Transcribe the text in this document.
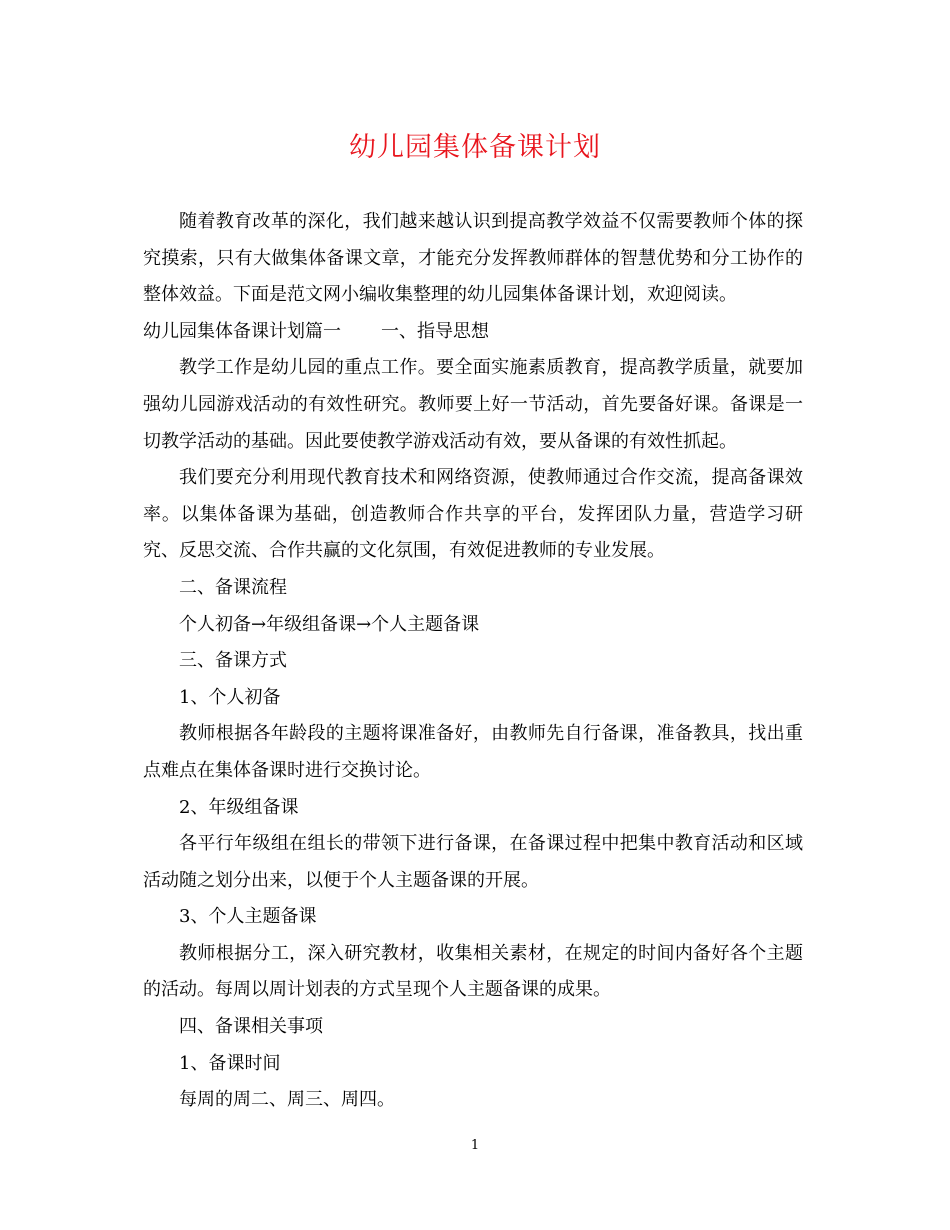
幼儿园集体备课计划

随着教育改革的深化，我们越来越认识到提高教学效益不仅需要教师个体的探究摸索，只有大做集体备课文章，才能充分发挥教师群体的智慧优势和分工协作的整体效益。下面是范文网小编收集整理的幼儿园集体备课计划，欢迎阅读。

幼儿园集体备课计划篇一 一、指导思想

教学工作是幼儿园的重点工作。要全面实施素质教育，提高教学质量，就要加强幼儿园游戏活动的有效性研究。教师要上好一节活动，首先要备好课。备课是一切教学活动的基础。因此要使教学游戏活动有效，要从备课的有效性抓起。

我们要充分利用现代教育技术和网络资源，使教师通过合作交流，提高备课效率。以集体备课为基础，创造教师合作共享的平台，发挥团队力量，营造学习研究、反思交流、合作共赢的文化氛围，有效促进教师的专业发展。

二、备课流程

个人初备→年级组备课→个人主题备课

三、备课方式

1、个人初备

教师根据各年龄段的主题将课准备好，由教师先自行备课，准备教具，找出重点难点在集体备课时进行交换讨论。

2、年级组备课

各平行年级组在组长的带领下进行备课，在备课过程中把集中教育活动和区域活动随之划分出来，以便于个人主题备课的开展。

3、个人主题备课

教师根据分工，深入研究教材，收集相关素材，在规定的时间内备好各个主题的活动。每周以周计划表的方式呈现个人主题备课的成果。

四、备课相关事项

1、备课时间

每周的周二、周三、周四。

1
